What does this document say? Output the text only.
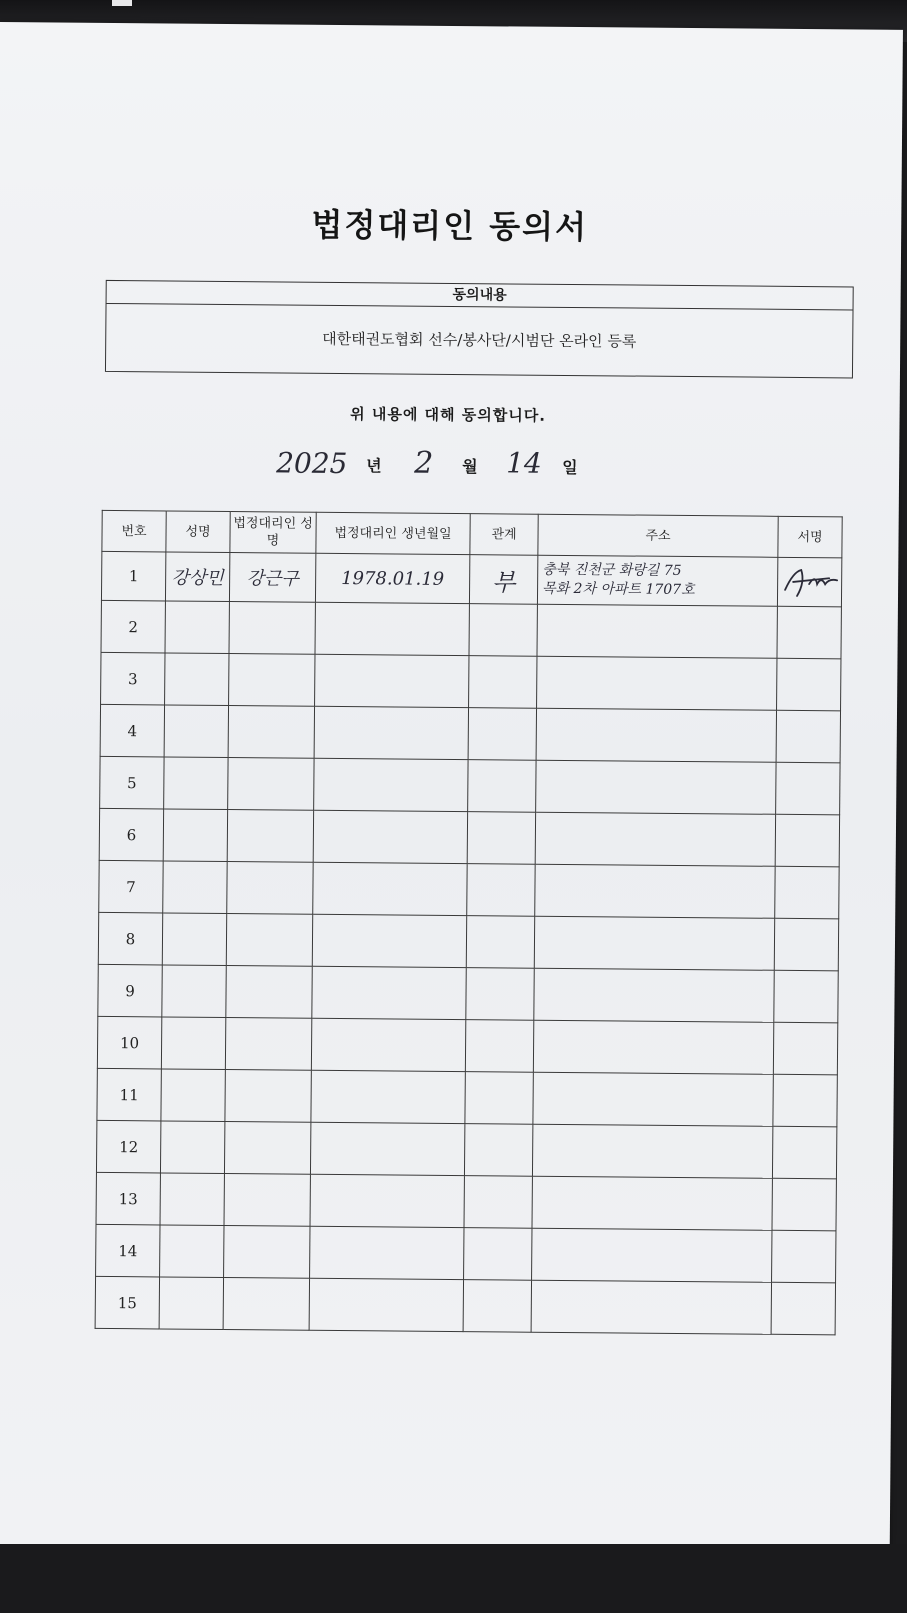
법정대리인 동의서
동의내용
대한태권도협회 선수/봉사단/시범단 온라인 등록
위 내용에 대해 동의합니다.
2025 년 2 월 14 일
번호	성명	법정대리인 성명	법정대리인 생년월일	관계	주소	서명
1	강상민	강근구	1978.01.19	부	충북 진천군 화랑길 75
목화 2차 아파트 1707호

2						
3						
4						
5						
6						
7						
8						
9						
10						
11						
12						
13						
14						
15						
